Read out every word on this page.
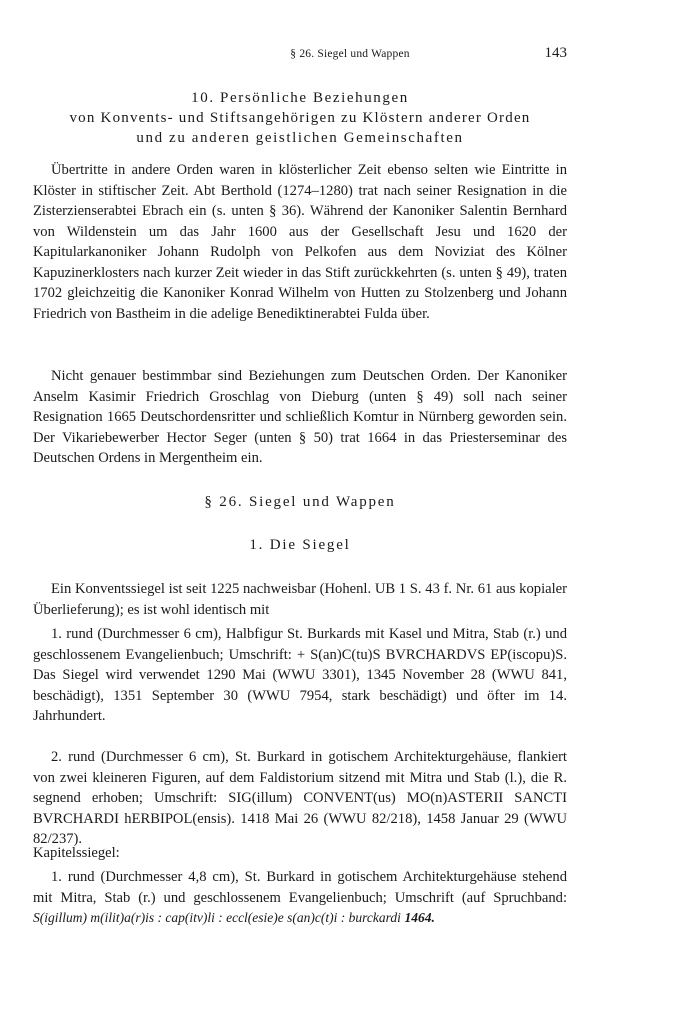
§ 26. Siegel und Wappen	143
10. Persönliche Beziehungen
von Konvents- und Stiftsangehörigen zu Klöstern anderer Orden
und zu anderen geistlichen Gemeinschaften

Übertritte in andere Orden waren in klösterlicher Zeit ebenso selten wie Eintritte in Klöster in stiftischer Zeit. Abt Berthold (1274–1280) trat nach seiner Resignation in die Zisterzienserabtei Ebrach ein (s. unten § 36). Während der Kanoniker Salentin Bernhard von Wildenstein um das Jahr 1600 aus der Gesellschaft Jesu und 1620 der Kapitularkanoniker Johann Rudolph von Pelkofen aus dem Noviziat des Kölner Kapuzinerklosters nach kurzer Zeit wieder in das Stift zurückkehrten (s. unten § 49), traten 1702 gleichzeitig die Kanoniker Konrad Wilhelm von Hutten zu Stolzenberg und Johann Friedrich von Bastheim in die adelige Benediktinerabtei Fulda über.

Nicht genauer bestimmbar sind Beziehungen zum Deutschen Orden. Der Kanoniker Anselm Kasimir Friedrich Groschlag von Dieburg (unten § 49) soll nach seiner Resignation 1665 Deutschordensritter und schließlich Komtur in Nürnberg geworden sein. Der Vikariebewerber Hector Seger (unten § 50) trat 1664 in das Priesterseminar des Deutschen Ordens in Mergentheim ein.

§ 26. Siegel und Wappen
1. Die Siegel

Ein Konventssiegel ist seit 1225 nachweisbar (Hohenl. UB 1 S. 43 f. Nr. 61 aus kopialer Überlieferung); es ist wohl identisch mit

1. rund (Durchmesser 6 cm), Halbfigur St. Burkards mit Kasel und Mitra, Stab (r.) und geschlossenem Evangelienbuch; Umschrift: + S(an)C(tu)S BVRCHARDVS EP(iscopu)S. Das Siegel wird verwendet 1290 Mai (WWU 3301), 1345 November 28 (WWU 841, beschädigt), 1351 September 30 (WWU 7954, stark beschädigt) und öfter im 14. Jahrhundert.

2. rund (Durchmesser 6 cm), St. Burkard in gotischem Architekturgehäuse, flankiert von zwei kleineren Figuren, auf dem Faldistorium sitzend mit Mitra und Stab (l.), die R. segnend erhoben; Umschrift: SIG(illum) CONVENT(us) MO(n)ASTERII SANCTI BVRCHARDI hERBIPOL(ensis). 1418 Mai 26 (WWU 82/218), 1458 Januar 29 (WWU 82/237).

Kapitelssiegel:

1. rund (Durchmesser 4,8 cm), St. Burkard in gotischem Architekturgehäuse stehend mit Mitra, Stab (r.) und geschlossenem Evangelienbuch; Umschrift (auf Spruchband: S(igillum) m(ilit)a(r)is : cap(itv)li : eccl(esie)e s(an)c(t)i : burckardi 1464.
